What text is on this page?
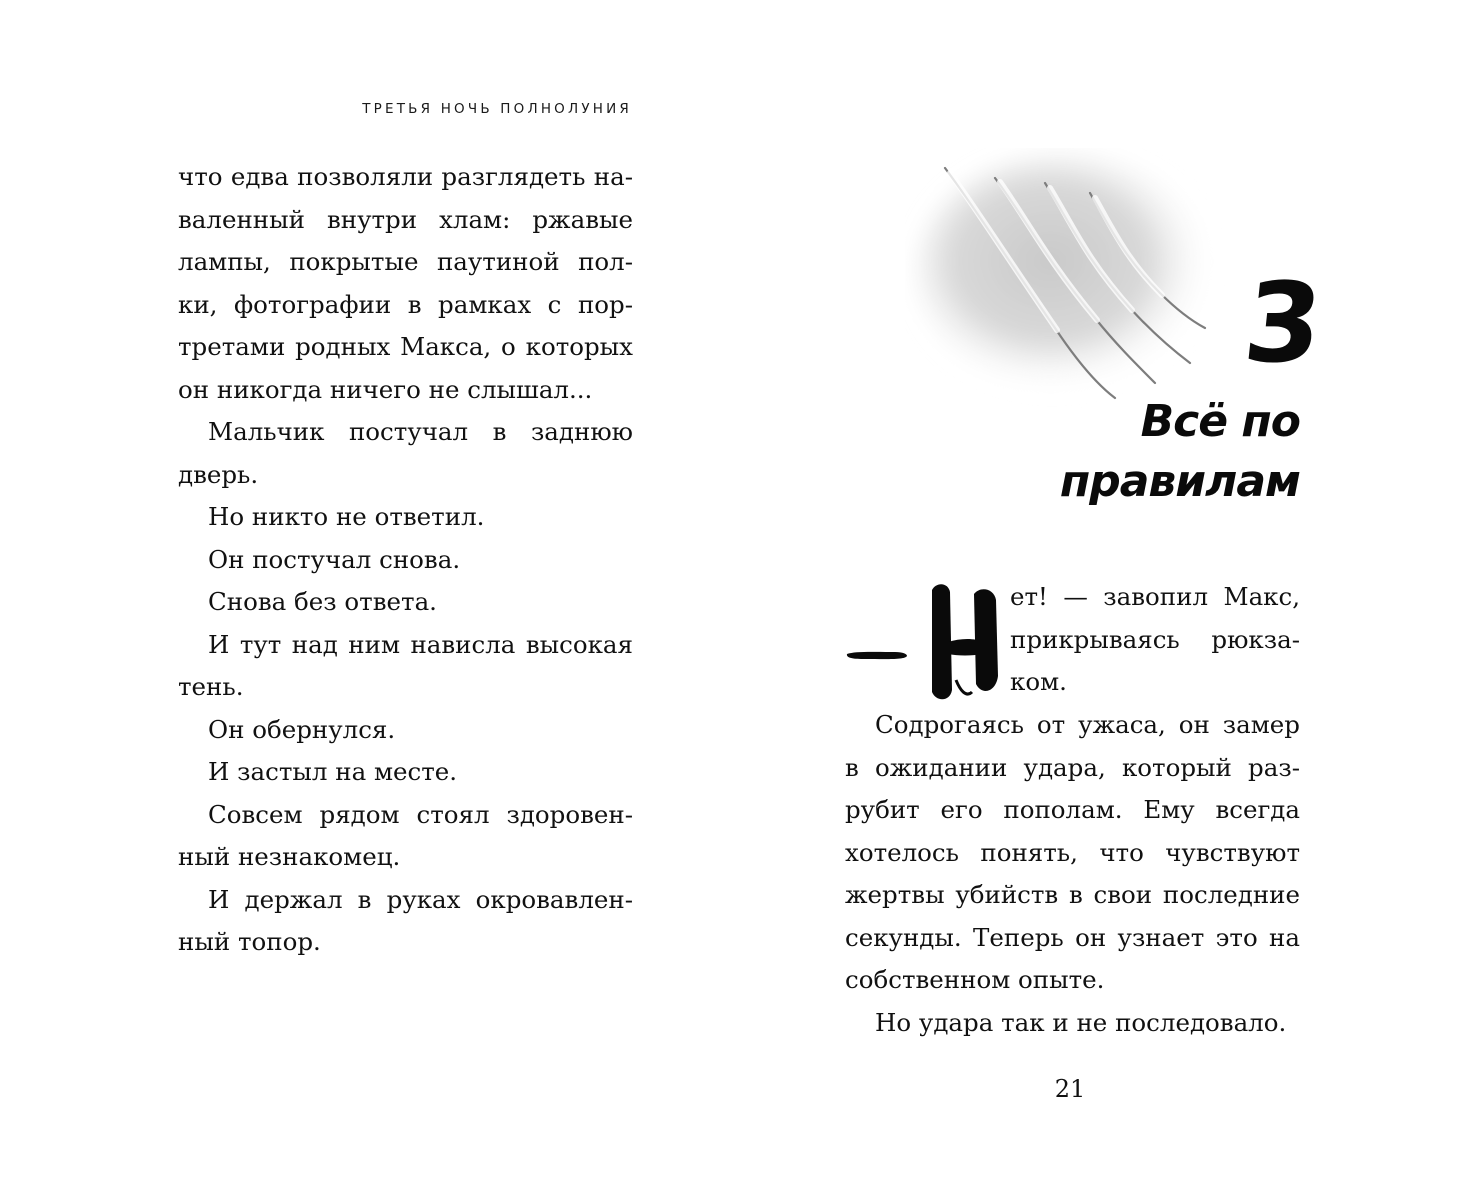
ТРЕТЬЯ НОЧЬ ПОЛНОЛУНИЯ

что едва позволяли разглядеть на-валенный внутри хлам: ржавые лампы, покрытые паутиной пол-ки, фотографии в рамках с пор-третами родных Макса, о которых он никогда ничего не слышал...

Мальчик постучал в заднюю дверь.

Но никто не ответил.

Он постучал снова.

Снова без ответа.

И тут над ним нависла высокая тень.

Он обернулся.

И застыл на месте.

Совсем рядом стоял здоровен-ный незнакомец.

И держал в руках окровавлен-ный топор.

3
Всё по правилам

ет! — завопил Макс,

прикрываясь рюкза-

ком.

Содрогаясь от ужаса, он замер в ожидании удара, который раз-рубит его пополам. Ему всегда хотелось понять, что чувствуют жертвы убийств в свои последние секунды. Теперь он узнает это на собственном опыте.

Но удара так и не последовало.

21
